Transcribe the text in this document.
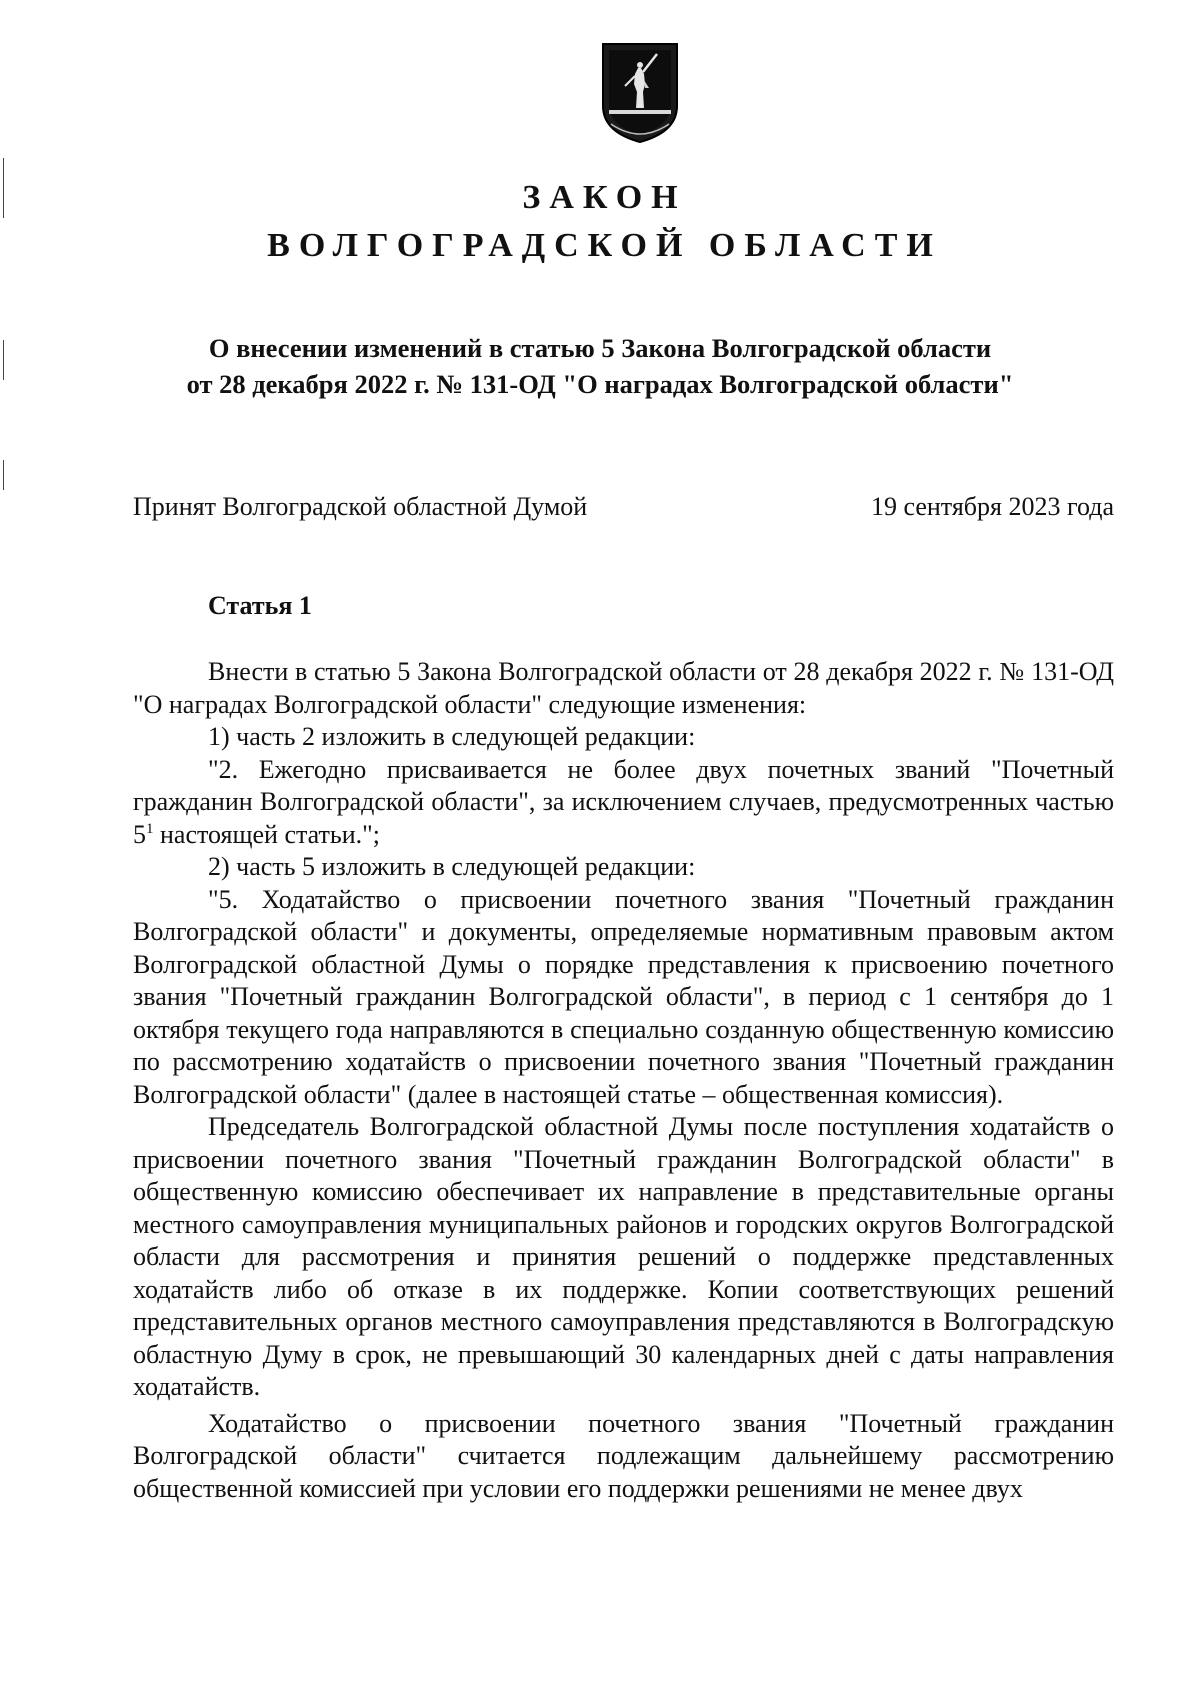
ЗАКОН
ВОЛГОГРАДСКОЙ ОБЛАСТИ
О внесении изменений в статью 5 Закона Волгоградской области
от 28 декабря 2022 г. № 131-ОД "О наградах Волгоградской области"
Принят Волгоградской областной Думой	19 сентября 2023 года
Статья 1

Внести в статью 5 Закона Волгоградской области от 28 декабря 2022 г. № 131-ОД "О наградах Волгоградской области" следующие изменения:

1) часть 2 изложить в следующей редакции:

"2. Ежегодно присваивается не более двух почетных званий "Почетный гражданин Волгоградской области", за исключением случаев, предусмотренных частью $5^1$ настоящей статьи.";

2) часть 5 изложить в следующей редакции:

"5. Ходатайство о присвоении почетного звания "Почетный гражданин Волгоградской области" и документы, определяемые нормативным правовым актом Волгоградской областной Думы о порядке представления к присвоению почетного звания "Почетный гражданин Волгоградской области", в период с 1 сентября до 1 октября текущего года направляются в специально созданную общественную комиссию по рассмотрению ходатайств о присвоении почетного звания "Почетный гражданин Волгоградской области" (далее в настоящей статье – общественная комиссия).

Председатель Волгоградской областной Думы после поступления ходатайств о присвоении почетного звания "Почетный гражданин Волгоградской области" в общественную комиссию обеспечивает их направление в представительные органы местного самоуправления муниципальных районов и городских округов Волгоградской области для рассмотрения и принятия решений о поддержке представленных ходатайств либо об отказе в их поддержке. Копии соответствующих решений представительных органов местного самоуправления представляются в Волгоградскую областную Думу в срок, не превышающий 30 календарных дней с даты направления ходатайств.

Ходатайство о присвоении почетного звания "Почетный гражданин Волгоградской области" считается подлежащим дальнейшему рассмотрению общественной комиссией при условии его поддержки решениями не менее двух
